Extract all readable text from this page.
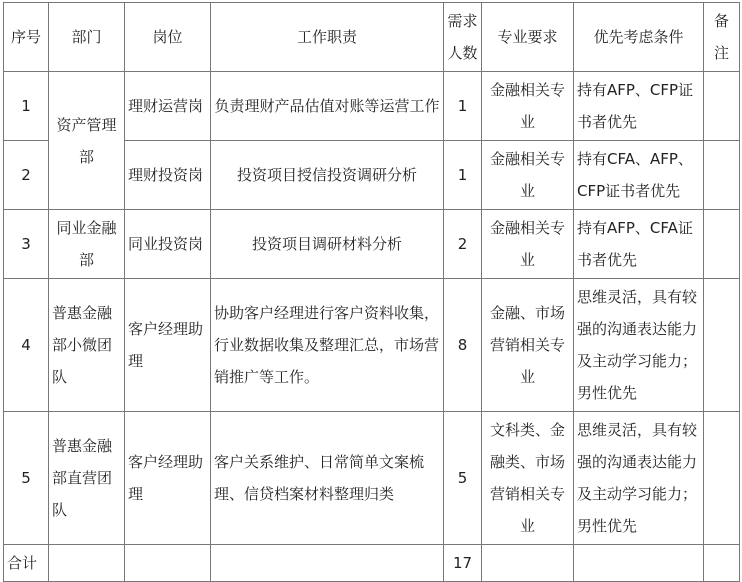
序号	部门	岗位	工作职责	需求人数	专业要求	优先考虑条件	备注
1	资产管理部	理财运营岗	负责理财产品估值对账等运营工作	1	金融相关专业	持有AFP、CFP证书者优先	
2		理财投资岗	投资项目授信投资调研分析	1	金融相关专业	持有CFA、AFP、CFP证书者优先	
3	同业金融部	同业投资岗	投资项目调研材料分析	2	金融相关专业	持有AFP、CFA证书者优先	
4	普惠金融部小微团队	客户经理助理	协助客户经理进行客户资料收集，行业数据收集及整理汇总，市场营销推广等工作。	8	金融、市场营销相关专业	思维灵活，具有较强的沟通表达能力及主动学习能力；男性优先	
5	普惠金融部直营团队	客户经理助理	客户关系维护、日常简单文案梳理、信贷档案材料整理归类	5	文科类、金融类、市场营销相关专业	思维灵活，具有较强的沟通表达能力及主动学习能力；男性优先	
合计				17			
